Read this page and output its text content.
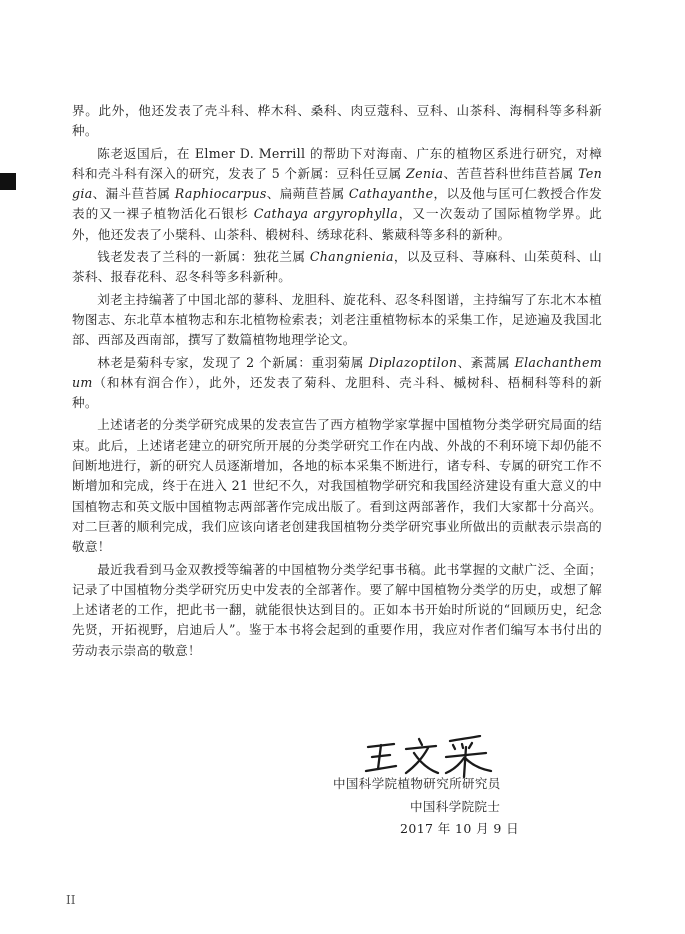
界。此外，他还发表了壳斗科、桦木科、桑科、肉豆蔻科、豆科、山茶科、海桐科等多科新种。

陈老返国后，在 Elmer D. Merrill 的帮助下对海南、广东的植物区系进行研究，对樟科和壳斗科有深入的研究，发表了 5 个新属：豆科任豆属 Zenia、苦苣苔科世纬苣苔属 Tengia、漏斗苣苔属 Raphiocarpus、扁蒴苣苔属 Cathayanthe，以及他与匡可仁教授合作发表的又一裸子植物活化石银杉 Cathaya argyrophylla，又一次轰动了国际植物学界。此外，他还发表了小檗科、山茶科、椴树科、绣球花科、紫葳科等多科的新种。

钱老发表了兰科的一新属：独花兰属 Changnienia，以及豆科、荨麻科、山茱萸科、山茶科、报春花科、忍冬科等多科新种。

刘老主持编著了中国北部的蓼科、龙胆科、旋花科、忍冬科图谱，主持编写了东北木本植物图志、东北草本植物志和东北植物检索表；刘老注重植物标本的采集工作，足迹遍及我国北部、西部及西南部，撰写了数篇植物地理学论文。

林老是菊科专家，发现了 2 个新属：重羽菊属 Diplazoptilon、紊蒿属 Elachanthemum（和林有润合作），此外，还发表了菊科、龙胆科、壳斗科、槭树科、梧桐科等科的新种。

上述诸老的分类学研究成果的发表宣告了西方植物学家掌握中国植物分类学研究局面的结束。此后，上述诸老建立的研究所开展的分类学研究工作在内战、外战的不利环境下却仍能不间断地进行，新的研究人员逐渐增加，各地的标本采集不断进行，诸专科、专属的研究工作不断增加和完成，终于在进入 21 世纪不久，对我国植物学研究和我国经济建设有重大意义的中国植物志和英文版中国植物志两部著作完成出版了。看到这两部著作，我们大家都十分高兴。对二巨著的顺利完成，我们应该向诸老创建我国植物分类学研究事业所做出的贡献表示崇高的敬意！

最近我看到马金双教授等编著的中国植物分类学纪事书稿。此书掌握的文献广泛、全面；记录了中国植物分类学研究历史中发表的全部著作。要了解中国植物分类学的历史，或想了解上述诸老的工作，把此书一翻，就能很快达到目的。正如本书开始时所说的“回顾历史，纪念先贤，开拓视野，启迪后人”。鉴于本书将会起到的重要作用，我应对作者们编写本书付出的劳动表示崇高的敬意！

中国科学院植物研究所研究员
中国科学院院士
2017 年 10 月 9 日
II
